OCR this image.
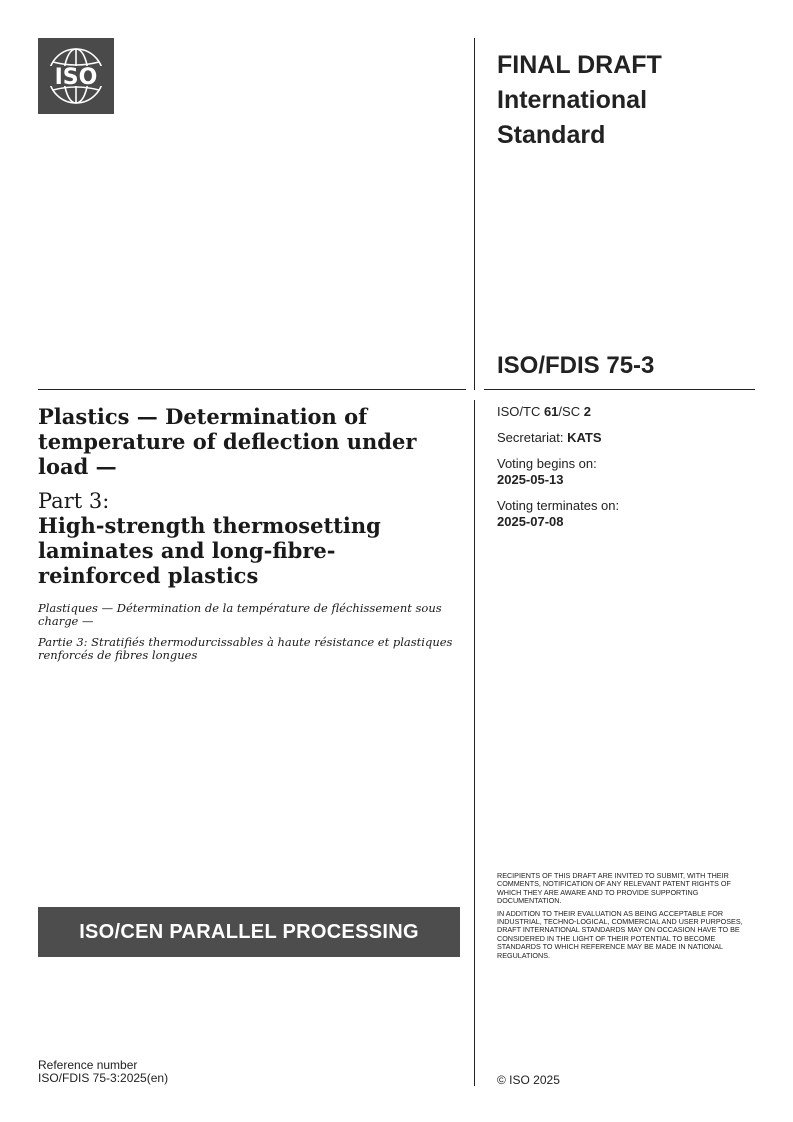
ISO	FINAL DRAFT
International
Standard
ISO/FDIS 75-3
ISO/TC 61/SC 2
Secretariat: KATS
Voting begins on:
2025-05-13
Voting terminates on:
2025-07-08
Plastics — Determination of temperature of deflection under load —
Part 3:
High-strength thermosetting laminates and long-fibre-reinforced plastics
Plastiques — Détermination de la température de fléchissement sous charge —
Partie 3: Stratifiés thermodurcissables à haute résistance et plastiques renforcés de fibres longues
ISO/CEN PARALLEL PROCESSING

RECIPIENTS OF THIS DRAFT ARE INVITED TO SUBMIT, WITH THEIR COMMENTS, NOTIFICATION OF ANY RELEVANT PATENT RIGHTS OF WHICH THEY ARE AWARE AND TO PROVIDE SUPPORTING DOCUMENTATION.

IN ADDITION TO THEIR EVALUATION AS BEING ACCEPTABLE FOR INDUSTRIAL, TECHNO-LOGICAL, COMMERCIAL AND USER PURPOSES, DRAFT INTERNATIONAL STANDARDS MAY ON OCCASION HAVE TO BE CONSIDERED IN THE LIGHT OF THEIR POTENTIAL TO BECOME STANDARDS TO WHICH REFERENCE MAY BE MADE IN NATIONAL REGULATIONS.

Reference number
ISO/FDIS 75-3:2025(en)	© ISO 2025
